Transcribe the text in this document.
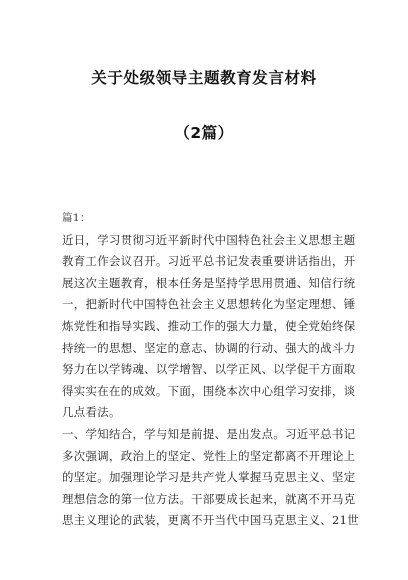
关于处级领导主题教育发言材料
（2篇）
篇1：
近日，学习贯彻习近平新时代中国特色社会主义思想主题
教育工作会议召开。习近平总书记发表重要讲话指出，开
展这次主题教育，根本任务是坚持学思用贯通、知信行统
一，把新时代中国特色社会主义思想转化为坚定理想、锤
炼党性和指导实践、推动工作的强大力量，使全党始终保
持统一的思想、坚定的意志、协调的行动、强大的战斗力
努力在以学铸魂、以学增智、以学正风、以学促干方面取
得实实在在的成效。下面，围绕本次中心组学习安排，谈
几点看法。
一、学知结合，学与知是前提、是出发点。习近平总书记
多次强调，政治上的坚定、党性上的坚定都离不开理论上
的坚定。加强理论学习是共产党人掌握马克思主义、坚定
理想信念的第一位方法。干部要成长起来，就离不开马克
思主义理论的武装，更离不开当代中国马克思主义、21世
